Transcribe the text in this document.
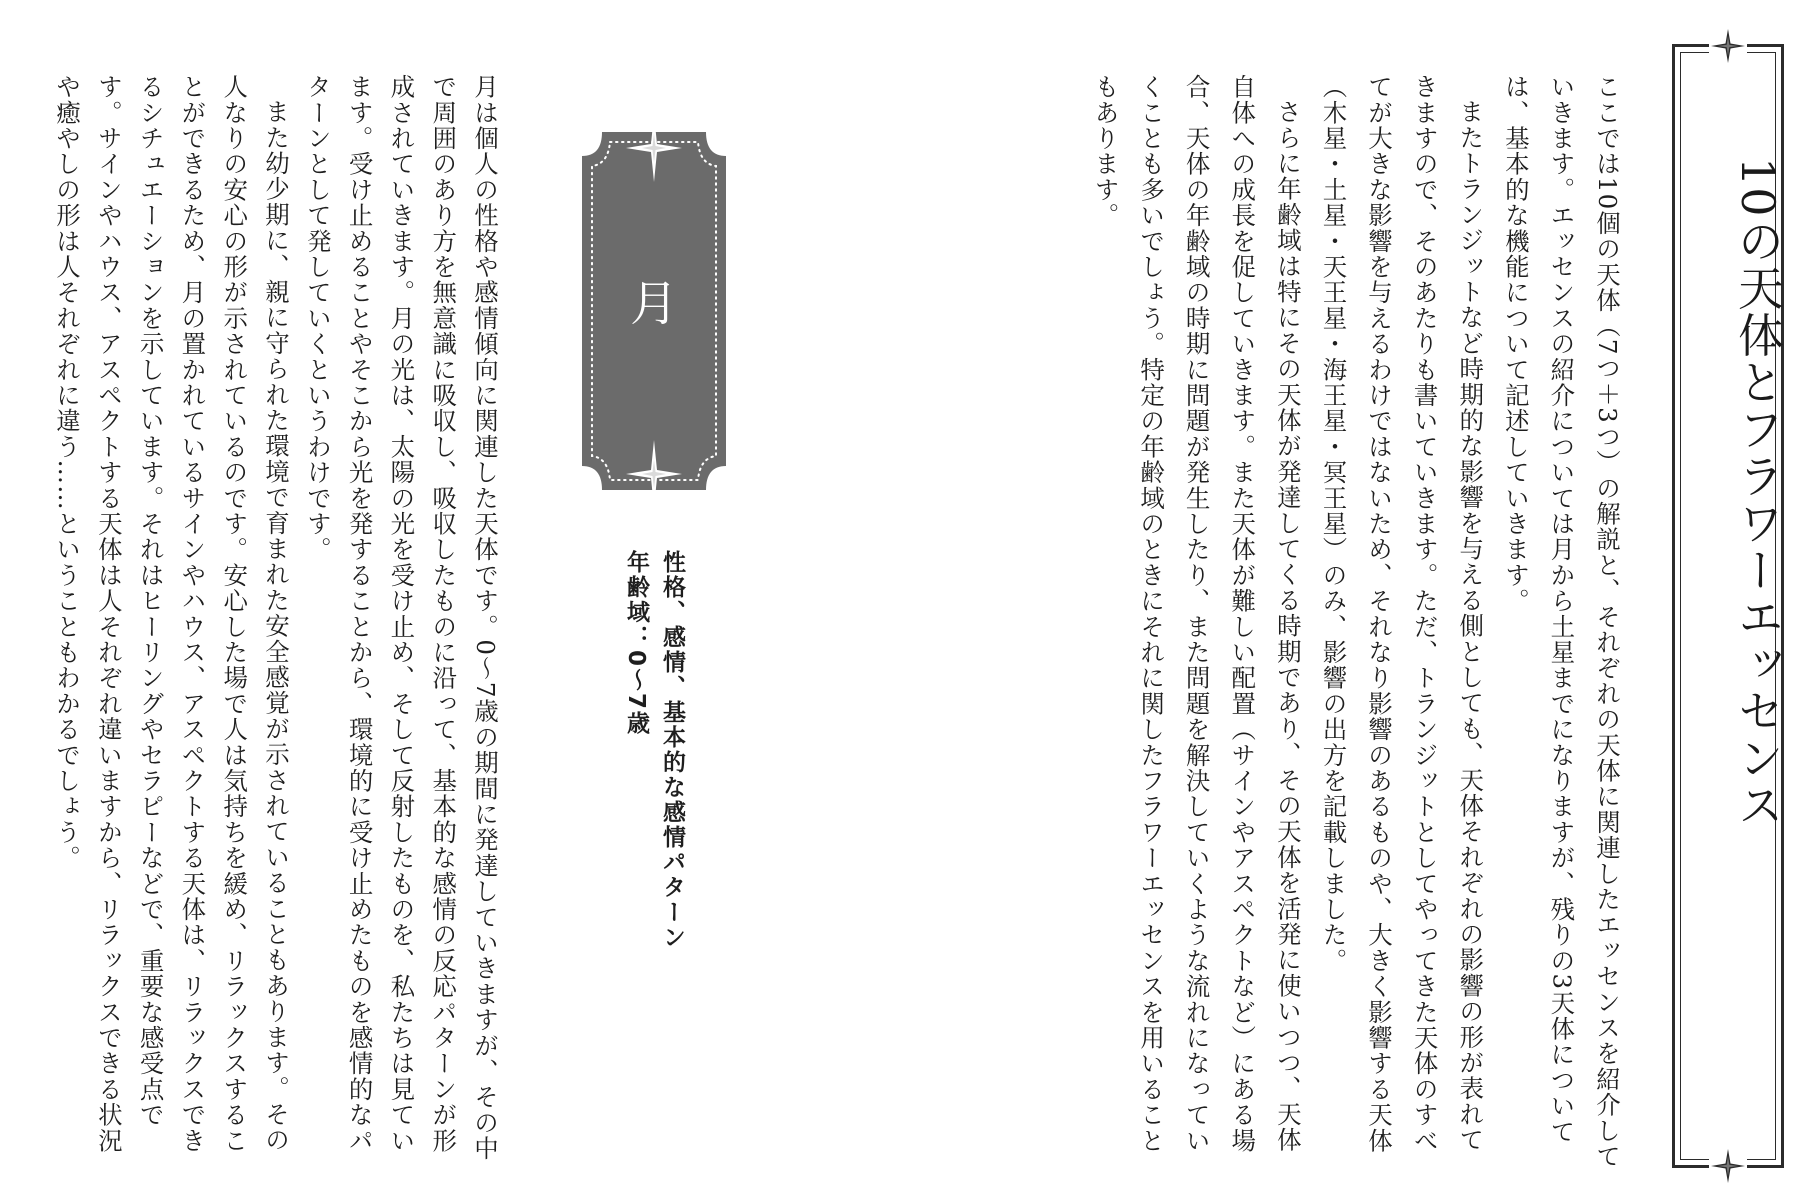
10の天体とフラワーエッセンス

ここでは10個の天体（7つ＋3つ）の解説と、それぞれの天体に関連したエッセンスを紹介していきます。エッセンスの紹介については月から土星までになりますが、残りの3天体については、基本的な機能について記述していきます。

またトランジットなど時期的な影響を与える側としても、天体それぞれの影響の形が表れてきますので、そのあたりも書いていきます。ただ、トランジットとしてやってきた天体のすべてが大きな影響を与えるわけではないため、それなり影響のあるものや、大きく影響する天体（木星・土星・天王星・海王星・冥王星）のみ、影響の出方を記載しました。

さらに年齢域は特にその天体が発達してくる時期であり、その天体を活発に使いつつ、天体自体への成長を促していきます。また天体が難しい配置（サインやアスペクトなど）にある場合、天体の年齢域の時期に問題が発生したり、また問題を解決していくような流れになっていくことも多いでしょう。特定の年齢域のときにそれに関したフラワーエッセンスを用いることもあります。

月
性格、感情、基本的な感情パターン
年齢域：0〜7歳

月は個人の性格や感情傾向に関連した天体です。0〜7歳の期間に発達していきますが、その中で周囲のあり方を無意識に吸収し、吸収したものに沿って、基本的な感情の反応パターンが形成されていきます。月の光は、太陽の光を受け止め、そして反射したものを、私たちは見ています。受け止めることやそこから光を発することから、環境的に受け止めたものを感情的なパターンとして発していくというわけです。

また幼少期に、親に守られた環境で育まれた安全感覚が示されていることもあります。その人なりの安心の形が示されているのです。安心した場で人は気持ちを緩め、リラックスすることができるため、月の置かれているサインやハウス、アスペクトする天体は、リラックスできるシチュエーションを示しています。それはヒーリングやセラピーなどで、重要な感受点です。サインやハウス、アスペクトする天体は人それぞれ違いますから、リラックスできる状況や癒やしの形は人それぞれに違う……ということもわかるでしょう。
